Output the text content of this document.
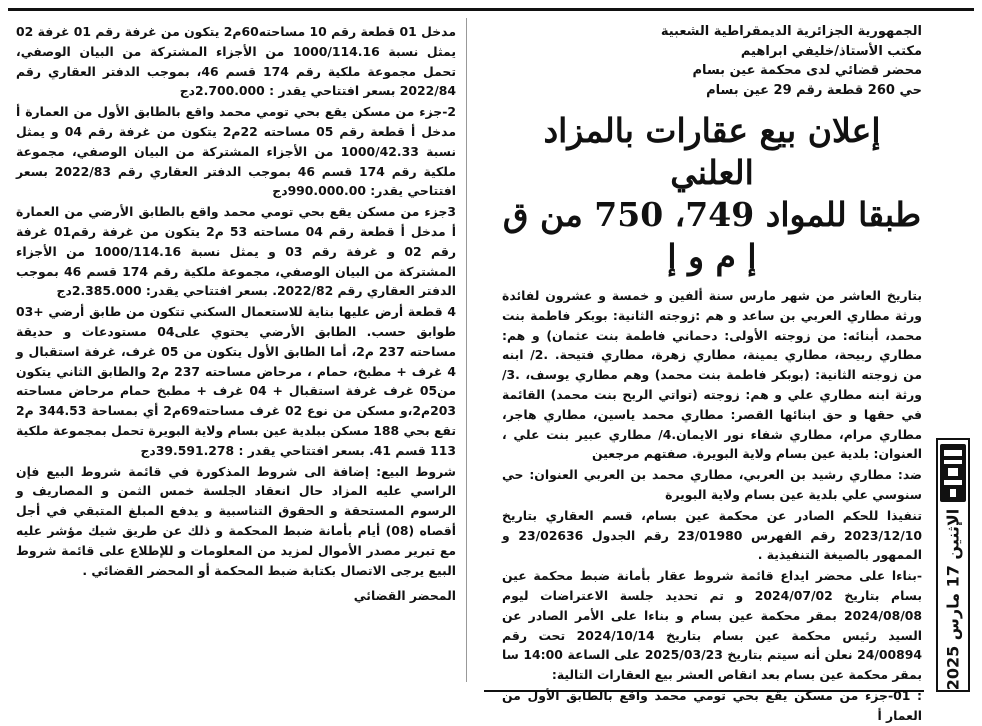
الجمهورية الجزائرية الديمقراطية الشعبية

مكتب الأستاذ/خليفي ابراهيم

محضر قضائي لدى محكمة عين بسام

حي 260 قطعة رقم 29 عين بسام

إعلان بيع عقارات بالمزاد العلني
طبقا للمواد 749، 750 من ق إ م و إ

بتاريخ العاشر من شهر مارس سنة ألفين و خمسة و عشرون لفائدة ورثة مطاري العربي بن ساعد و هم :زوجته الثانية: بوبكر فاطمة بنت محمد، أبنائه: من زوجته الأولى: دحماني فاطمة بنت عثمان) و هم: مطاري ربيحة، مطاري يمينة، مطاري زهرة، مطاري فتيحة. .2/ ابنه من زوجته الثانية: (بوبكر فاطمة بنت محمد) وهم مطاري يوسف، .3/ ورثة ابنه مطاري علي و هم: زوجته (تواتي الربح بنت محمد) القائمة في حقها و حق ابنائها القصر: مطاري محمد ياسين، مطاري هاجر، مطاري مرام، مطاري شفاء نور الايمان.4/ مطاري عبير بنت علي ، العنوان: بلدية عين بسام ولاية البويرة. صفتهم مرجعين

ضد: مطاري رشيد بن العربي، مطاري محمد بن العربي العنوان: حي سنوسي علي بلدية عين بسام ولاية البويرة

تنفيذا للحكم الصادر عن محكمة عين بسام، قسم العقاري بتاريخ 2023/12/10 رقم الفهرس 23/01980 رقم الجدول 23/02636 و الممهور بالصيغة التنفيذية .

-بناءا على محضر ايداع قائمة شروط عقار بأمانة ضبط محكمة عين بسام بتاريخ 2024/07/02 و تم تحديد جلسة الاعتراضات ليوم 2024/08/08 بمقر محكمة عين بسام و بناءا على الأمر الصادر عن السيد رئيس محكمة عين بسام بتاريخ 2024/10/14 تحت رقم 24/00894 نعلن أنه سيتم بتاريخ 2025/03/23 على الساعة 14:00 سا بمقر محكمة عين بسام بعد انقاص العشر بيع العقارات التالية:

: 01-جزء من مسكن يقع بحي تومي محمد واقع بالطابق الأول من العمار أ

مدخل 01 قطعة رقم 10 مساحته60م2 يتكون من غرفة رقم 01 غرفة 02 يمثل نسبة 1000/114.16 من الأجزاء المشتركة من البيان الوصفي، تحمل مجموعة ملكية رقم 174 قسم 46، بموجب الدفتر العقاري رقم 2022/84 بسعر افتتاحي يقدر : 2.700.000دج

2-جزء من مسكن يقع بحي تومي محمد واقع بالطابق الأول من العمارة أ مدخل أ قطعة رقم 05 مساحته 22م2 يتكون من غرفة رقم 04 و يمثل نسبة 1000/42.33 من الأجزاء المشتركة من البيان الوصفي، مجموعة ملكية رقم 174 قسم 46 بموجب الدفتر العقاري رقم 2022/83 بسعر افتتاحي يقدر: 990.000.00دج

3جزء من مسكن يقع بحي تومي محمد واقع بالطابق الأرضي من العمارة أ مدخل أ قطعة رقم 04 مساحته 53 م2 يتكون من غرفة رقم01 غرفة رقم 02 و غرفة رقم 03 و يمثل نسبة 1000/114.16 من الأجزاء المشتركة من البيان الوصفي، مجموعة ملكية رقم 174 قسم 46 بموجب الدفتر العقاري رقم 2022/82. بسعر افتتاحي يقدر: 2.385.000دج

4 قطعة أرض عليها بناية للاستعمال السكني تتكون من طابق أرضي +03 طوابق حسب. الطابق الأرضي يحتوي على04 مستودعات و حديقة مساحته 237 م2، أما الطابق الأول يتكون من 05 غرف، غرفة استقبال و 4 غرف + مطبخ، حمام ، مرحاض مساحته 237 م2 والطابق الثاني يتكون من05 غرف غرفة استقبال + 04 غرف + مطبخ حمام مرحاض مساحته 203م2،و مسكن من نوع 02 غرف مساحته69م2 أي بمساحة 344.53 م2 تقع بحي 188 مسكن ببلدية عين بسام ولاية البويرة تحمل بمجموعة ملكية 113 قسم 41. بسعر افتتاحي يقدر : 39.591.278دج

شروط البيع: إضافة الى شروط المذكورة في قائمة شروط البيع فإن الراسي عليه المزاد حال انعقاد الجلسة خمس الثمن و المصاريف و الرسوم المستحقة و الحقوق التناسبية و يدفع المبلغ المتبقي في أجل أقصاه (08) أيام بأمانة ضبط المحكمة و ذلك عن طريق شيك مؤشر عليه مع تبرير مصدر الأموال لمزيد من المعلومات و للإطلاع على قائمة شروط البيع يرجى الاتصال بكتابة ضبط المحكمة أو المحضر القضائي .

المحضر القضائي
الإثنين 17 مارس 2025
